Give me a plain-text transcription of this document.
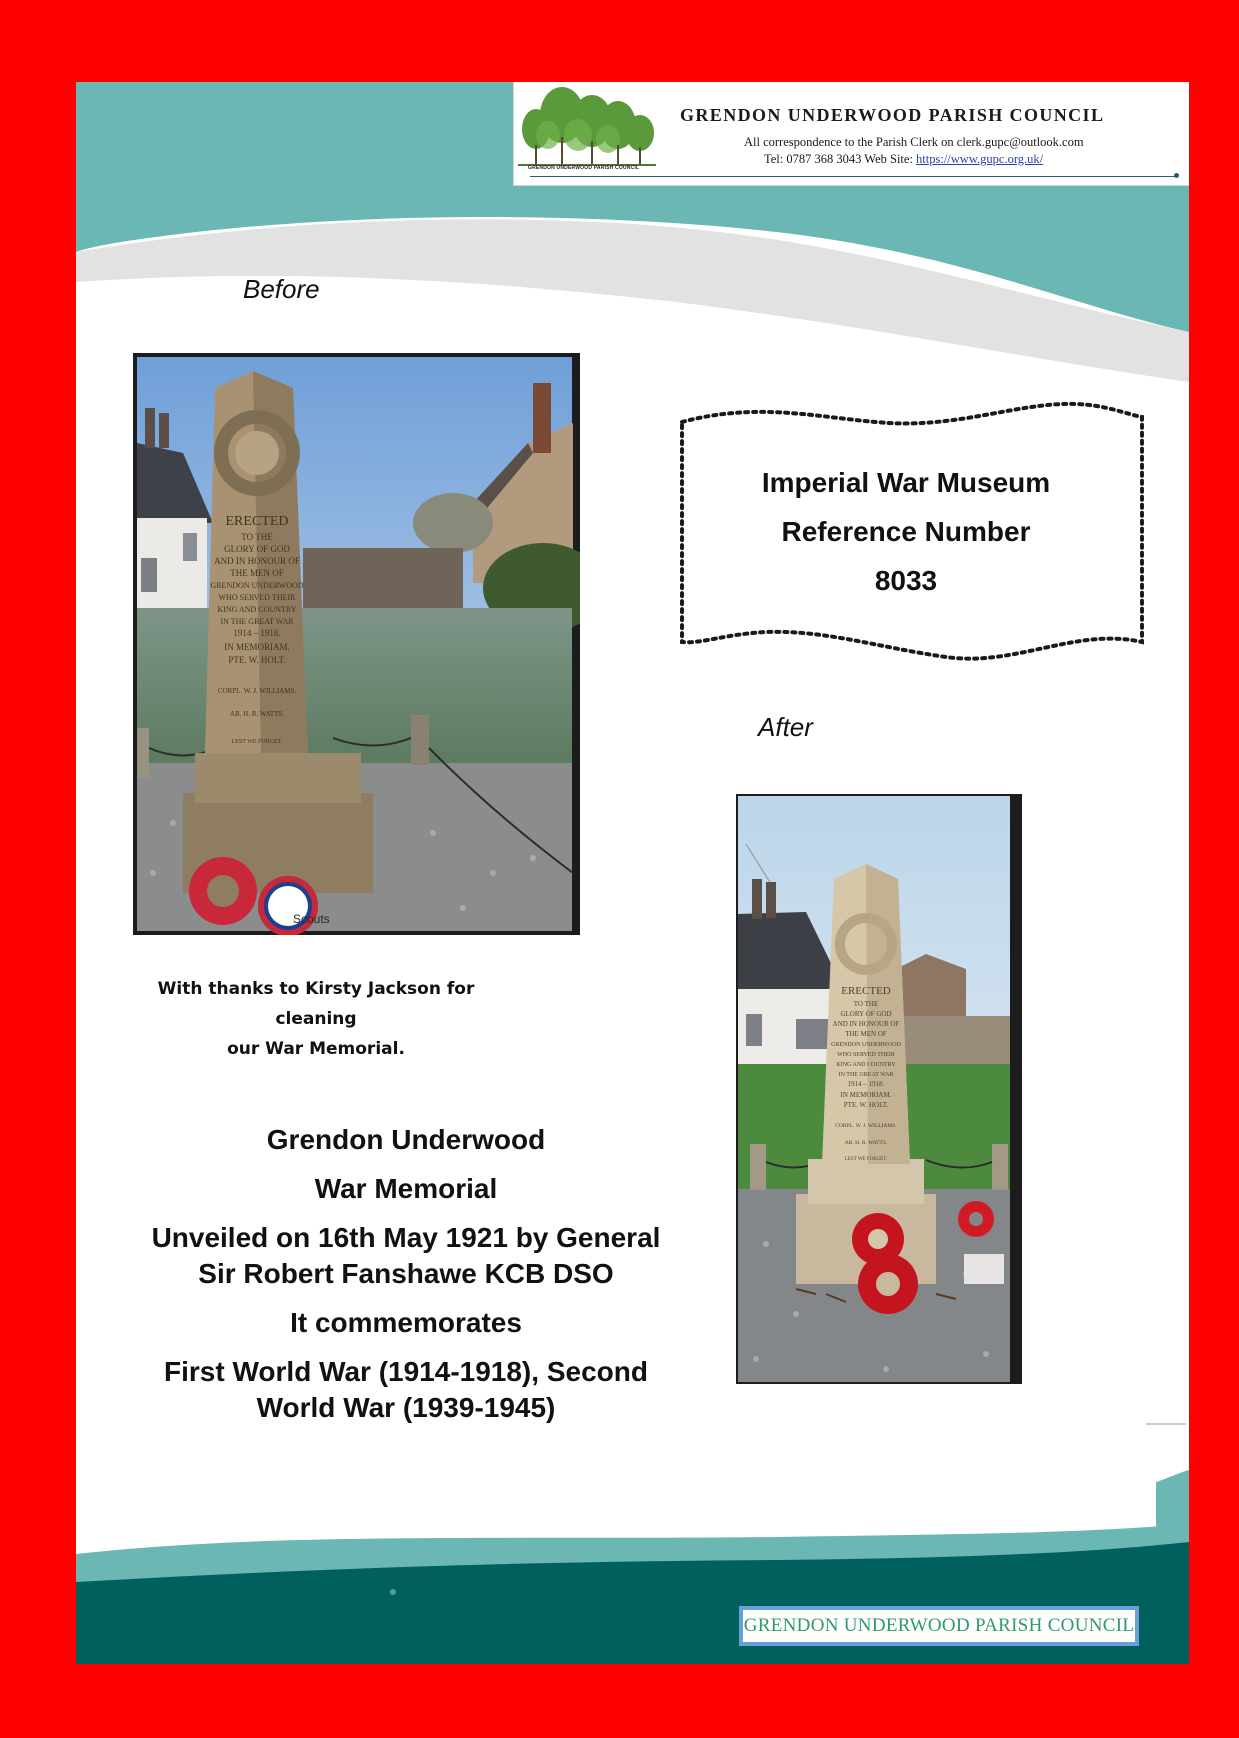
GRENDON UNDERWOOD PARISH COUNCIL
GRENDON UNDERWOOD PARISH COUNCIL
All correspondence to the Parish Clerk on clerk.gupc@outlook.com
Tel: 0787 368 3043 Web Site: https://www.gupc.org.uk/
Before
ERECTED
TO THE
GLORY OF GOD
AND IN HONOUR OF
THE MEN OF
GRENDON UNDERWOOD
WHO SERVED THEIR
KING AND COUNTRY
IN THE GREAT WAR
1914 – 1918.
IN MEMORIAM.
PTE. W. HOLT.
CORPL. W. J. WILLIAMS.
AB. H. R. WATTS.
LEST WE FORGET.
Scouts
Imperial War Museum
Reference Number
8033
After
ERECTED
TO THE
GLORY OF GOD
AND IN HONOUR OF
THE MEN OF
GRENDON UNDERWOOD
WHO SERVED THEIR
KING AND COUNTRY
IN THE GREAT WAR
1914 – 1918.
IN MEMORIAM.
PTE. W. HOLT.
CORPL. W. J. WILLIAMS.
AB. H. R. WATTS.
LEST WE FORGET.
With thanks to Kirsty Jackson for cleaning
our War Memorial.

Grendon Underwood

War Memorial

Unveiled on 16th May 1921 by General Sir Robert Fanshawe KCB DSO

It commemorates

First World War (1914-1918), Second World War (1939-1945)

GRENDON UNDERWOOD PARISH COUNCIL
